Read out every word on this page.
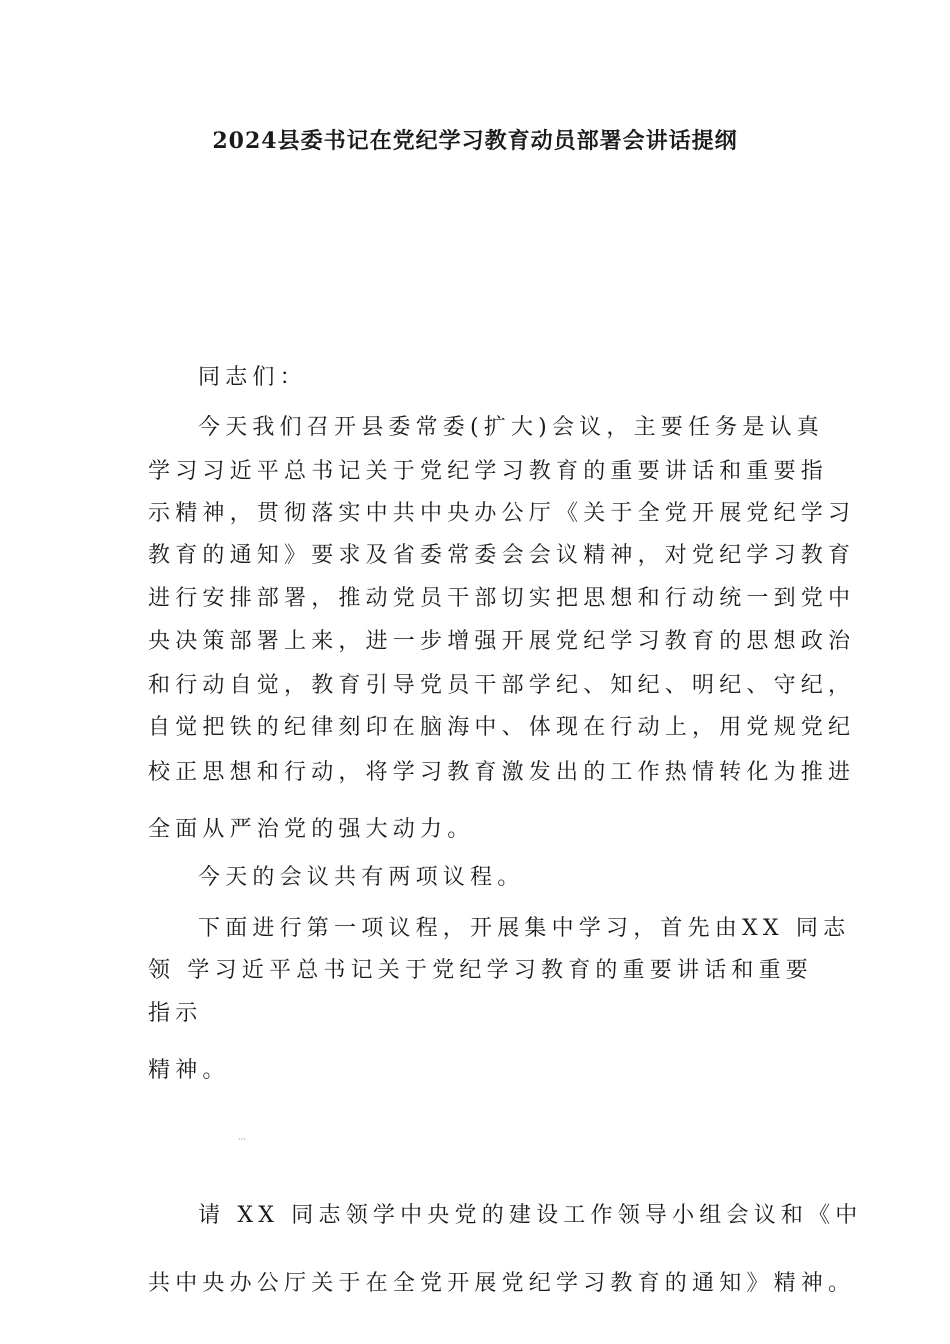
2024县委书记在党纪学习教育动员部署会讲话提纲
同志们：
今天我们召开县委常委(扩大)会议，主要任务是认真
学习习近平总书记关于党纪学习教育的重要讲话和重要指
示精神，贯彻落实中共中央办公厅《关于全党开展党纪学习
教育的通知》要求及省委常委会会议精神，对党纪学习教育
进行安排部署，推动党员干部切实把思想和行动统一到党中
央决策部署上来，进一步增强开展党纪学习教育的思想政治
和行动自觉，教育引导党员干部学纪、知纪、明纪、守纪，
自觉把铁的纪律刻印在脑海中、体现在行动上，用党规党纪
校正思想和行动，将学习教育激发出的工作热情转化为推进
全面从严治党的强大动力。
今天的会议共有两项议程。
下面进行第一项议程，开展集中学习，首先由XX 同志
领 学习近平总书记关于党纪学习教育的重要讲话和重要
指示
精神。
···
请 XX 同志领学中央党的建设工作领导小组会议和《中
共中央办公厅关于在全党开展党纪学习教育的通知》精神。
